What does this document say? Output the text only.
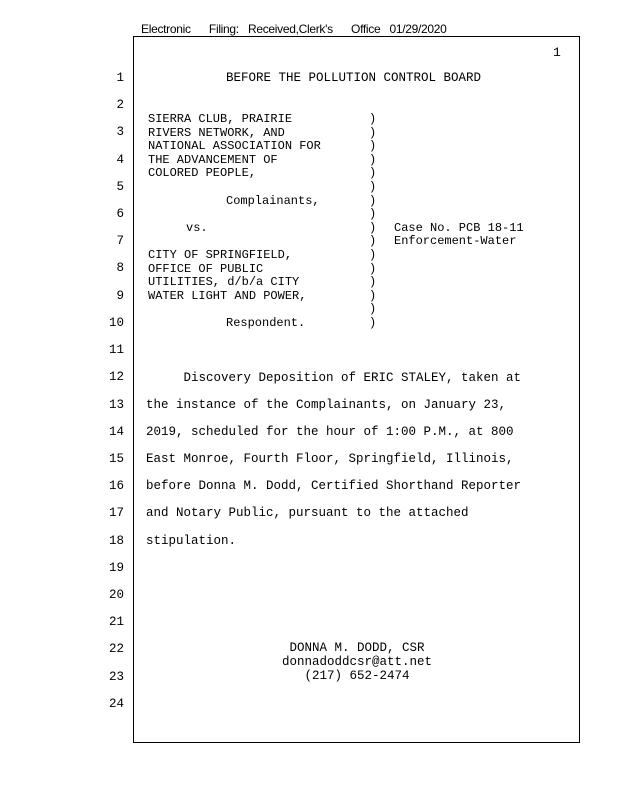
Electronic Filing: Received,Clerk's Office 01/29/2020
1
1
2
3
4
5
6
7
8
9
10
11
12
13
14
15
16
17
18
19
20
21
22
23
24
BEFORE THE POLLUTION CONTROL BOARD
SIERRA CLUB, PRAIRIE
RIVERS NETWORK, AND
NATIONAL ASSOCIATION FOR
THE ADVANCEMENT OF
COLORED PEOPLE,
Complainants,
vs.
CITY OF SPRINGFIELD,
OFFICE OF PUBLIC
UTILITIES, d/b/a CITY
WATER LIGHT AND POWER,
Respondent.
)
)
)
)
)
)
)
)
)
)
)
)
)
)
)
)
Case No. PCB 18-11
Enforcement-Water
Discovery Deposition of ERIC STALEY, taken at
the instance of the Complainants, on January 23,
2019, scheduled for the hour of 1:00 P.M., at 800
East Monroe, Fourth Floor, Springfield, Illinois,
before Donna M. Dodd, Certified Shorthand Reporter
and Notary Public, pursuant to the attached
stipulation.
DONNA M. DODD, CSR
donnadoddcsr@att.net
(217) 652-2474
